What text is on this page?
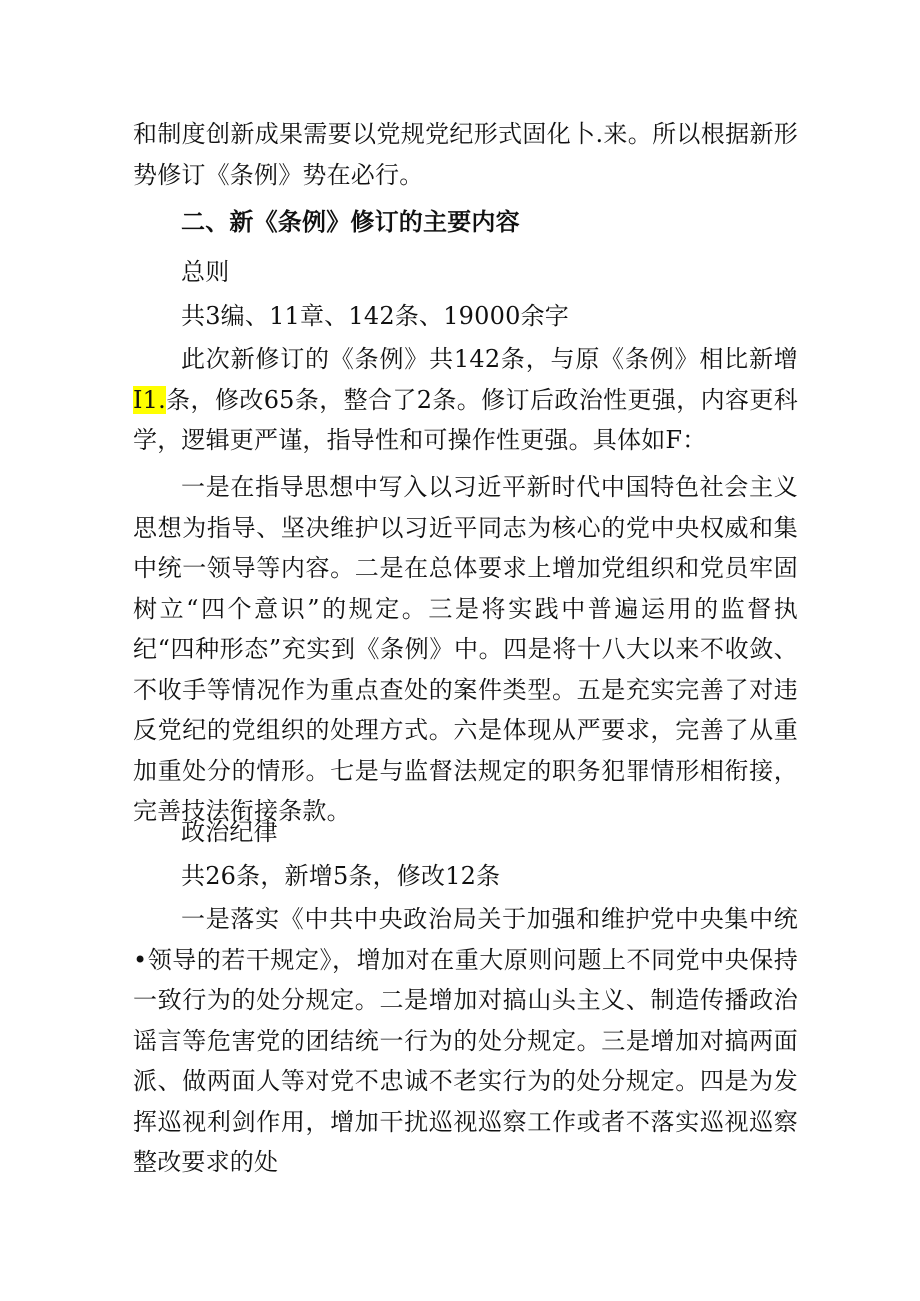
和制度创新成果需要以党规党纪形式固化卜.来。所以根据新形势修订《条例》势在必行。

二、新《条例》修订的主要内容

总则

共3编、11章、142条、19000余字

此次新修订的《条例》共142条，与原《条例》相比新增I1.条，修改65条，整合了2条。修订后政治性更强，内容更科学，逻辑更严谨，指导性和可操作性更强。具体如F：

一是在指导思想中写入以习近平新时代中国特色社会主义思想为指导、坚决维护以习近平同志为核心的党中央权威和集中统一领导等内容。二是在总体要求上增加党组织和党员牢固树立“四个意识”的规定。三是将实践中普遍运用的监督执纪“四种形态”充实到《条例》中。四是将十八大以来不收敛、不收手等情况作为重点查处的案件类型。五是充实完善了对违反党纪的党组织的处理方式。六是体现从严要求，完善了从重加重处分的情形。七是与监督法规定的职务犯罪情形相衔接，完善技法衔接条款。

政治纪律

共26条，新增5条，修改12条

一是落实《中共中央政治局关于加强和维护党中央集中统•领导的若干规定》，增加对在重大原则问题上不同党中央保持一致行为的处分规定。二是增加对搞山头主义、制造传播政治谣言等危害党的团结统一行为的处分规定。三是增加对搞两面派、做两面人等对党不忠诚不老实行为的处分规定。四是为发挥巡视利剑作用，增加干扰巡视巡察工作或者不落实巡视巡察整改要求的处
